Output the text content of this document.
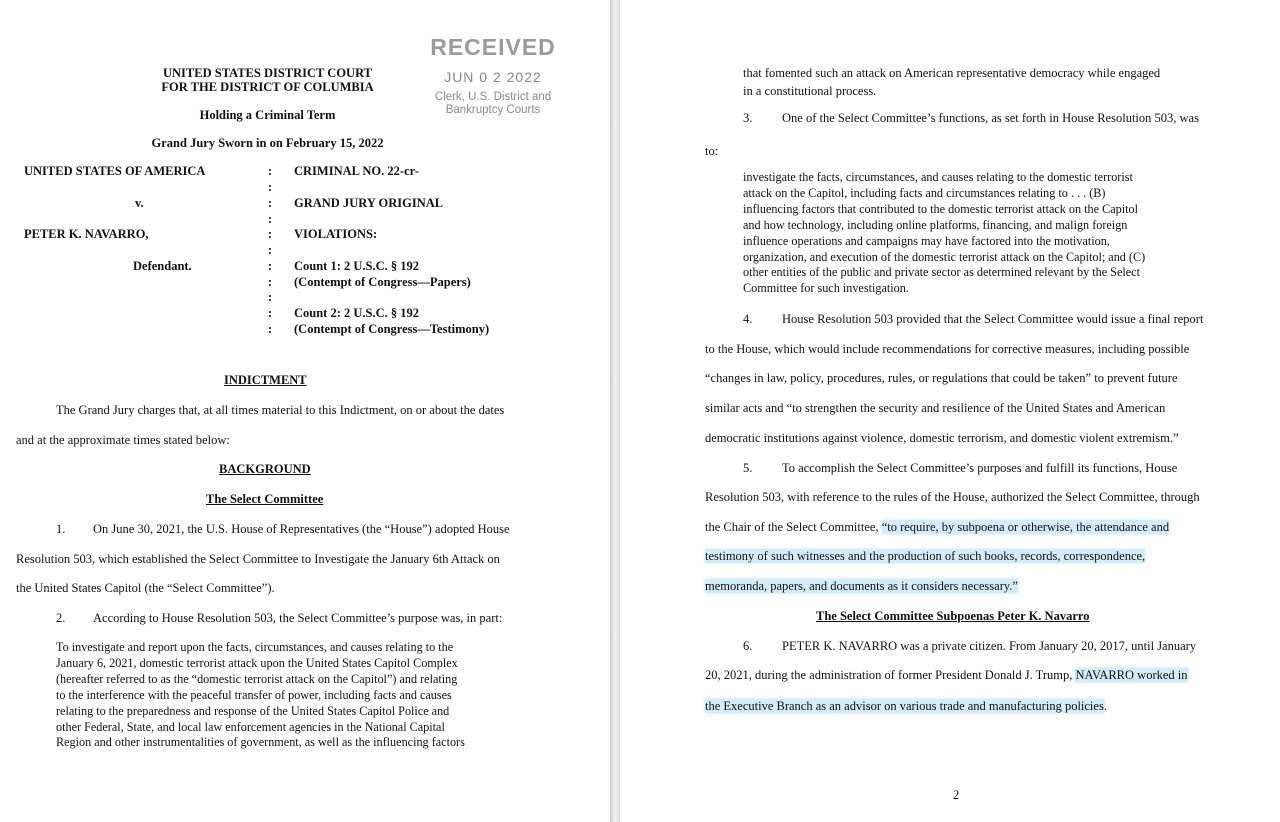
UNITED STATES DISTRICT COURT
FOR THE DISTRICT OF COLUMBIA
Holding a Criminal Term
Grand Jury Sworn in on February 15, 2022
RECEIVED
JUN 0 2 2022
Clerk, U.S. District and
Bankruptcy Courts
UNITED STATES OF AMERICA
v.
PETER K. NAVARRO,
Defendant.
:
:
:
:
:
:
:
:
:
:
:
CRIMINAL NO. 22-cr-
GRAND JURY ORIGINAL
VIOLATIONS:
Count 1: 2 U.S.C. § 192
(Contempt of Congress—Papers)
Count 2: 2 U.S.C. § 192
(Contempt of Congress—Testimony)
INDICTMENT
The Grand Jury charges that, at all times material to this Indictment, on or about the dates
and at the approximate times stated below:
BACKGROUND
The Select Committee
1. On June 30, 2021, the U.S. House of Representatives (the “House”) adopted House
Resolution 503, which established the Select Committee to Investigate the January 6th Attack on
the United States Capitol (the “Select Committee”).
2. According to House Resolution 503, the Select Committee’s purpose was, in part:
To investigate and report upon the facts, circumstances, and causes relating to the
January 6, 2021, domestic terrorist attack upon the United States Capitol Complex
(hereafter referred to as the “domestic terrorist attack on the Capitol”) and relating
to the interference with the peaceful transfer of power, including facts and causes
relating to the preparedness and response of the United States Capitol Police and
other Federal, State, and local law enforcement agencies in the National Capital
Region and other instrumentalities of government, as well as the influencing factors
that fomented such an attack on American representative democracy while engaged
in a constitutional process.
3. One of the Select Committee’s functions, as set forth in House Resolution 503, was
to:
investigate the facts, circumstances, and causes relating to the domestic terrorist
attack on the Capitol, including facts and circumstances relating to . . . (B)
influencing factors that contributed to the domestic terrorist attack on the Capitol
and how technology, including online platforms, financing, and malign foreign
influence operations and campaigns may have factored into the motivation,
organization, and execution of the domestic terrorist attack on the Capitol; and (C)
other entities of the public and private sector as determined relevant by the Select
Committee for such investigation.
4. House Resolution 503 provided that the Select Committee would issue a final report
to the House, which would include recommendations for corrective measures, including possible
“changes in law, policy, procedures, rules, or regulations that could be taken” to prevent future
similar acts and “to strengthen the security and resilience of the United States and American
democratic institutions against violence, domestic terrorism, and domestic violent extremism.”
5. To accomplish the Select Committee’s purposes and fulfill its functions, House
Resolution 503, with reference to the rules of the House, authorized the Select Committee, through
the Chair of the Select Committee, “to require, by subpoena or otherwise, the attendance and
testimony of such witnesses and the production of such books, records, correspondence,
memoranda, papers, and documents as it considers necessary.”
The Select Committee Subpoenas Peter K. Navarro
6. PETER K. NAVARRO was a private citizen. From January 20, 2017, until January
20, 2021, during the administration of former President Donald J. Trump, NAVARRO worked in
the Executive Branch as an advisor on various trade and manufacturing policies.
2
